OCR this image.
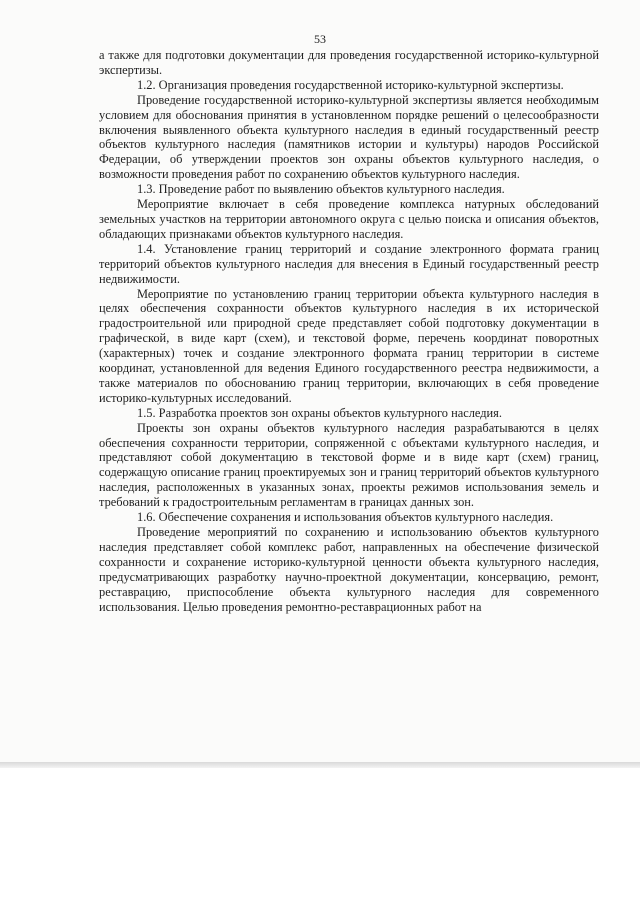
53

а также для подготовки документации для проведения государственной историко-культурной экспертизы.

1.2. Организация проведения государственной историко-культурной экспертизы.

Проведение государственной историко-культурной экспертизы является необходимым условием для обоснования принятия в установленном порядке решений о целесообразности включения выявленного объекта культурного наследия в единый государственный реестр объектов культурного наследия (памятников истории и культуры) народов Российской Федерации, об утверждении проектов зон охраны объектов культурного наследия, о возможности проведения работ по сохранению объектов культурного наследия.

1.3. Проведение работ по выявлению объектов культурного наследия.

Мероприятие включает в себя проведение комплекса натурных обследований земельных участков на территории автономного округа с целью поиска и описания объектов, обладающих признаками объектов культурного наследия.

1.4. Установление границ территорий и создание электронного формата границ территорий объектов культурного наследия для внесения в Единый государственный реестр недвижимости.

Мероприятие по установлению границ территории объекта культурного наследия в целях обеспечения сохранности объектов культурного наследия в их исторической градостроительной или природной среде представляет собой подготовку документации в графической, в виде карт (схем), и текстовой форме, перечень координат поворотных (характерных) точек и создание электронного формата границ территории в системе координат, установленной для ведения Единого государственного реестра недвижимости, а также материалов по обоснованию границ территории, включающих в себя проведение историко-культурных исследований.

1.5. Разработка проектов зон охраны объектов культурного наследия.

Проекты зон охраны объектов культурного наследия разрабатываются в целях обеспечения сохранности территории, сопряженной с объектами культурного наследия, и представляют собой документацию в текстовой форме и в виде карт (схем) границ, содержащую описание границ проектируемых зон и границ территорий объектов культурного наследия, расположенных в указанных зонах, проекты режимов использования земель и требований к градостроительным регламентам в границах данных зон.

1.6. Обеспечение сохранения и использования объектов культурного наследия.

Проведение мероприятий по сохранению и использованию объектов культурного наследия представляет собой комплекс работ, направленных на обеспечение физической сохранности и сохранение историко-культурной ценности объекта культурного наследия, предусматривающих разработку научно-проектной документации, консервацию, ремонт, реставрацию, приспособление объекта культурного наследия для современного использования. Целью проведения ремонтно-реставрационных работ на
